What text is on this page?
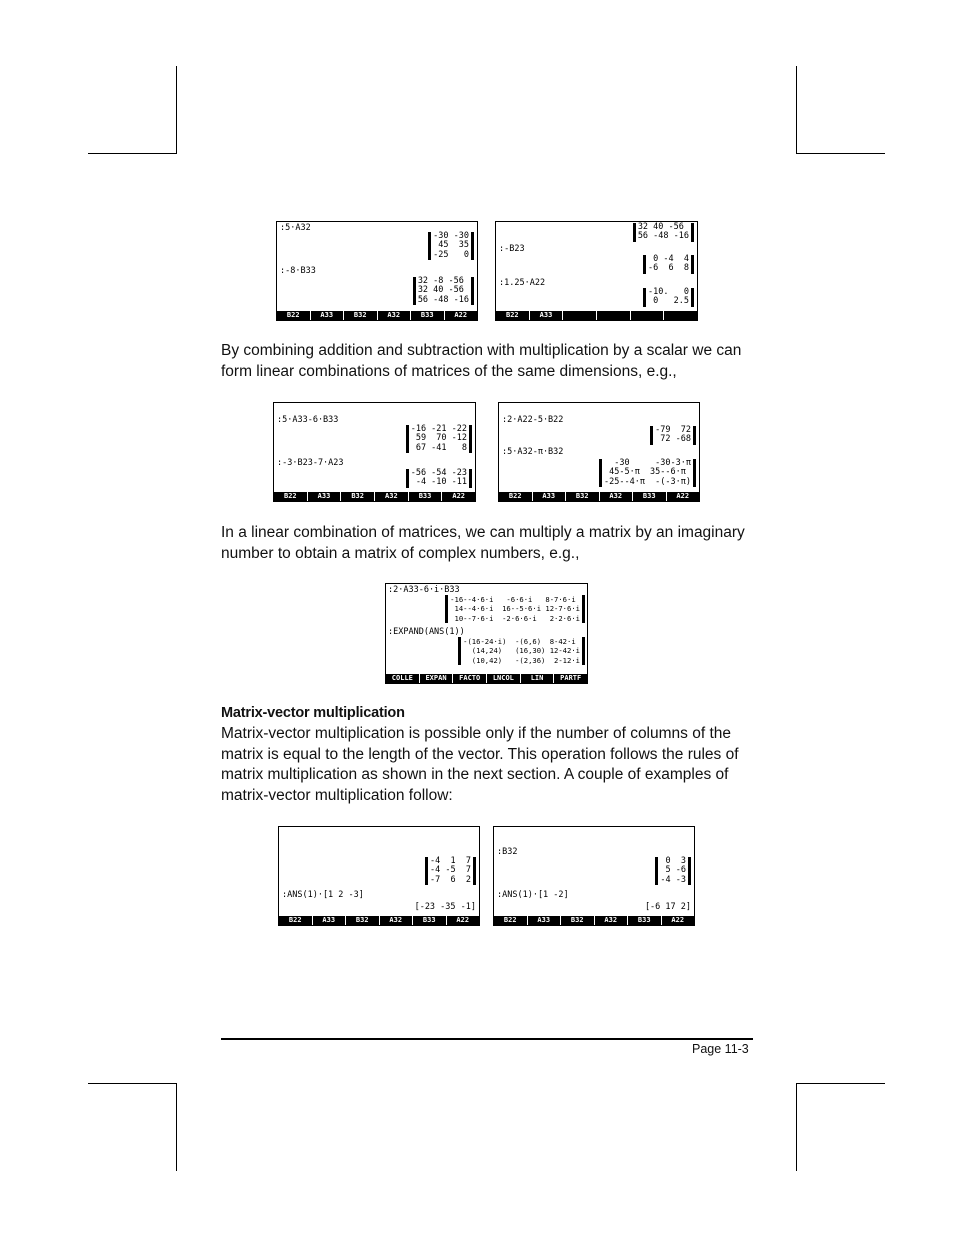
:5·A32
-30 -30
45  35
-25   0
:-8·B33
32 -8 -56
32 40 -56
56 -48 -16
B22	A33	B32	A32	B33	A22
32 40 -56
56 -48 -16
:-B23
0 -4  4
-6  6  8
:1.25·A22
-10.   0
0   2.5
B22	A33

By combining addition and subtraction with multiplication by a scalar we can form linear combinations of matrices of the same dimensions, e.g.,

:5·A33-6·B33
-16 -21 -22
59  70 -12
67 -41   8
:-3·B23-7·A23
-56 -54 -23
-4 -10 -11
B22	A33	B32	A32	B33	A22
:2·A22-5·B22
-79  72
72 -68
:5·A32-π·B32
-30     -30-3·π
45-5·π  35--6·π
-25--4·π  -(-3·π)
B22	A33	B32	A32	B33	A22

In a linear combination of matrices, we can multiply a matrix by an imaginary number to obtain a matrix of complex numbers, e.g.,

:2·A33-6·i·B33
-16--4·6·i   -6·6·i   8-7·6·i
14--4·6·i  16--5·6·i 12-7·6·i
10--7·6·i  -2·6·6·i   2·2·6·i
:EXPAND(ANS(1))
-(16-24·i)  -(6,6)  8-42·i
(14,24)   (16,30) 12-42·i
(10,42)   -(2,36)  2-12·i
COLLE	EXPAN	FACTO	LNCOL	LIN	PARTF
Matrix-vector multiplication

Matrix-vector multiplication is possible only if the number of columns of the matrix is equal to the length of the vector. This operation follows the rules of matrix multiplication as shown in the next section. A couple of examples of matrix-vector multiplication follow:

-4  1  7
-4 -5  7
-7  6  2
:ANS(1)·[1 2 -3]
[-23 -35 -1]
B22	A33	B32	A32	B33	A22
:B32
0  3
5 -6
-4 -3
:ANS(1)·[1 -2]
[-6 17 2]
B22	A33	B32	A32	B33	A22
Page 11-3
